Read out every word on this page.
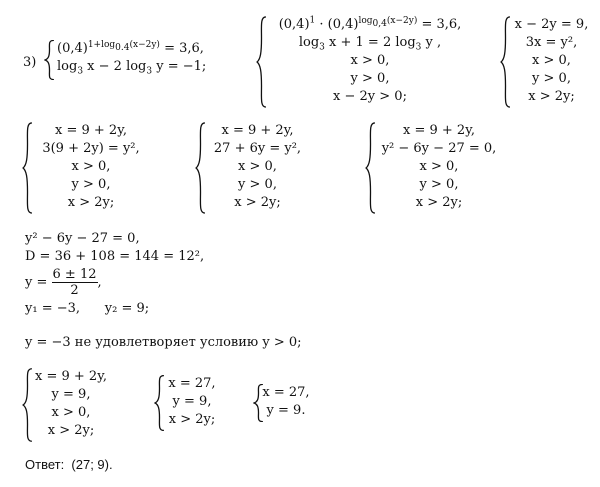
3)
$(0,4)^{1+log_{0.4}(x-2y)} = 3,6$,
$\log_3 x - 2$ $\log_3 y = -1$;
$(0,4)^1 \cdot (0,4)^{log_{0,4}(x-2y)} = 3,6$,
$\log_3 x + 1 = 2$ $\log_3 y$ ,
x > 0,
y > 0,
x − 2y > 0;
x − 2y = 9,
3x = y²,
x > 0,
y > 0,
x > 2y;
x = 9 + 2y,
3(9 + 2y) = y²,
x > 0,
y > 0,
x > 2y;
x = 9 + 2y,
27 + 6y = y²,
x > 0,
y > 0,
x > 2y;
x = 9 + 2y,
y² − 6y − 27 = 0,
x > 0,
y > 0,
x > 2y;
y² − 6y − 27 = 0,
D = 36 + 108 = 144 = 12²,
$y = \frac{6 \pm 12}{2}$ ,
y₁ = −3,      y₂ = 9;
y = −3 не удовлетворяет условию y > 0;
x = 9 + 2y,
y = 9,
x > 0,
x > 2y;
x = 27,
y = 9,
x > 2y;
x = 27,
y = 9.
Ответ:  (27; 9).
